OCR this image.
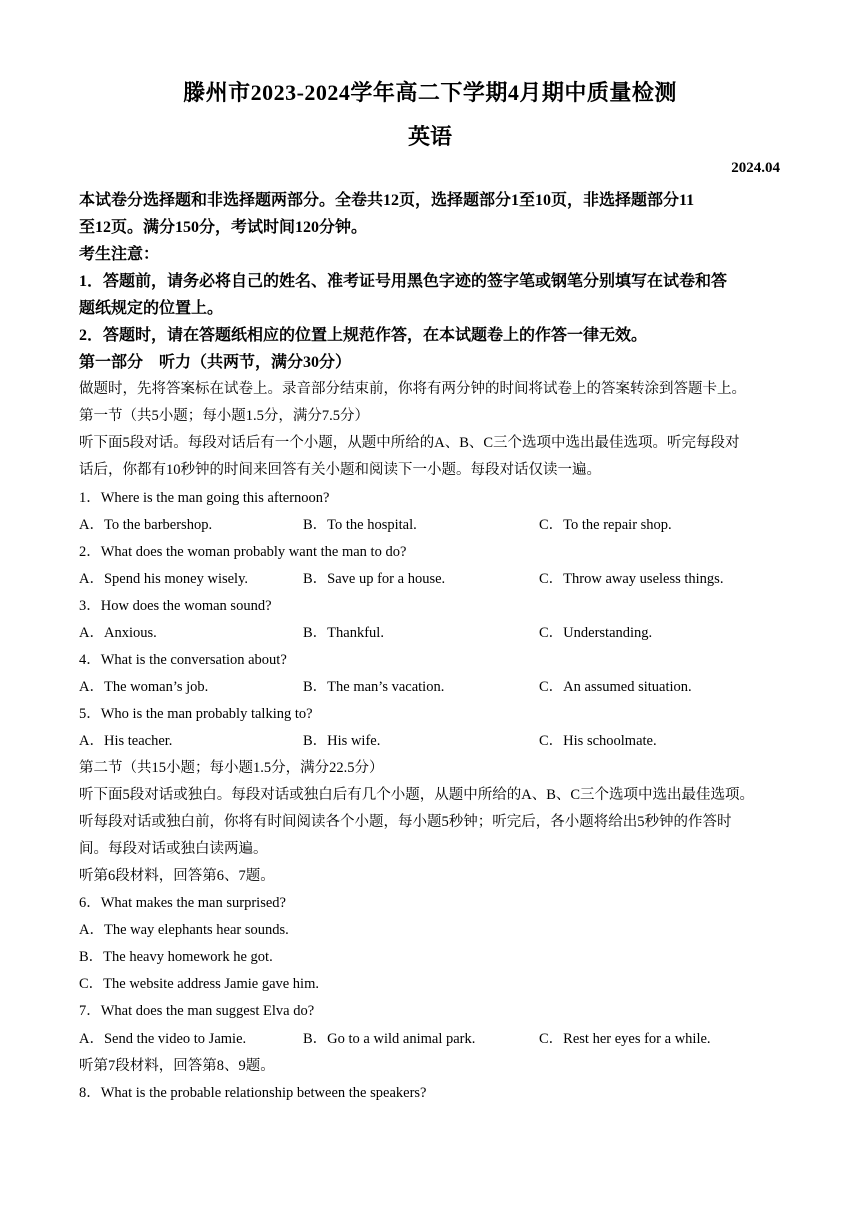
滕州市2023-2024学年高二下学期4月期中质量检测
英语
2024.04
本试卷分选择题和非选择题两部分。全卷共12页，选择题部分1至10页，非选择题部分11
至12页。满分150分，考试时间120分钟。
考生注意：
1．答题前，请务必将自己的姓名、准考证号用黑色字迹的签字笔或钢笔分别填写在试卷和答
题纸规定的位置上。
2．答题时，请在答题纸相应的位置上规范作答，在本试题卷上的作答一律无效。
第一部分　听力（共两节，满分30分）
做题时，先将答案标在试卷上。录音部分结束前，你将有两分钟的时间将试卷上的答案转涂到答题卡上。
第一节（共5小题；每小题1.5分，满分7.5分）
听下面5段对话。每段对话后有一个小题，从题中所给的A、B、C三个选项中选出最佳选项。听完每段对
话后，你都有10秒钟的时间来回答有关小题和阅读下一小题。每段对话仅读一遍。
1．Where is the man going this afternoon?
A．To the barbershop.	B．To the hospital.	C．To the repair shop.
2．What does the woman probably want the man to do?
A．Spend his money wisely.	B．Save up for a house.	C．Throw away useless things.
3．How does the woman sound?
A．Anxious.	B．Thankful.	C．Understanding.
4．What is the conversation about?
A．The woman’s job.	B．The man’s vacation.	C．An assumed situation.
5．Who is the man probably talking to?
A．His teacher.	B．His wife.	C．His schoolmate.
第二节（共15小题；每小题1.5分，满分22.5分）
听下面5段对话或独白。每段对话或独白后有几个小题，从题中所给的A、B、C三个选项中选出最佳选项。
听每段对话或独白前，你将有时间阅读各个小题，每小题5秒钟；听完后，各小题将给出5秒钟的作答时
间。每段对话或独白读两遍。
听第6段材料，回答第6、7题。
6．What makes the man surprised?
A．The way elephants hear sounds.
B．The heavy homework he got.
C．The website address Jamie gave him.
7．What does the man suggest Elva do?
A．Send the video to Jamie.	B．Go to a wild animal park.	C．Rest her eyes for a while.
听第7段材料，回答第8、9题。
8．What is the probable relationship between the speakers?
